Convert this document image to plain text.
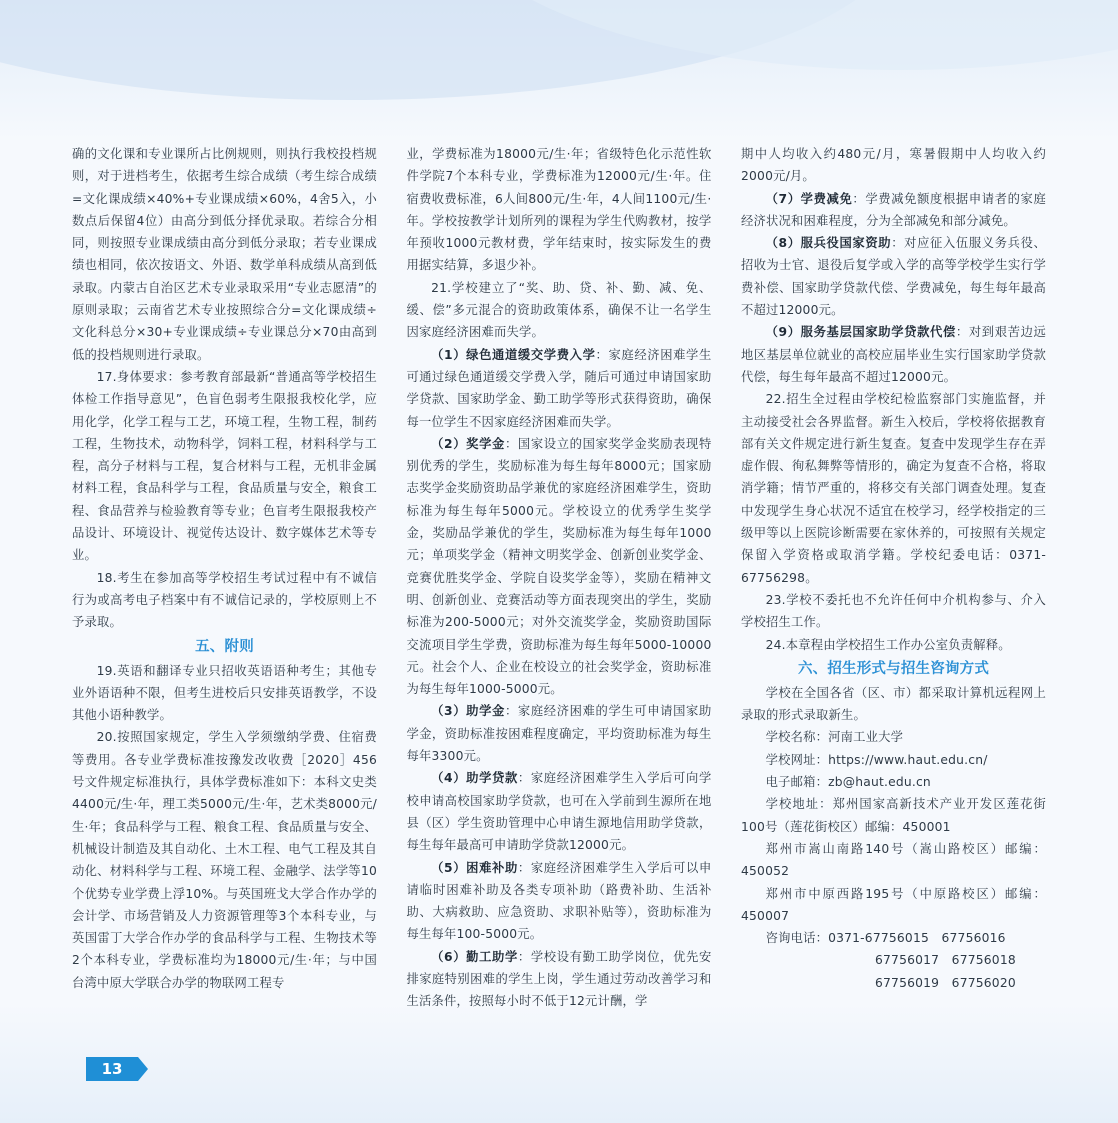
确的文化课和专业课所占比例规则，则执行我校投档规则，对于进档考生，依据考生综合成绩（考生综合成绩=文化课成绩×40%+专业课成绩×60%，4舍5入，小数点后保留4位）由高分到低分择优录取。若综合分相同，则按照专业课成绩由高分到低分录取；若专业课成绩也相同，依次按语文、外语、数学单科成绩从高到低录取。内蒙古自治区艺术专业录取采用“专业志愿清”的原则录取；云南省艺术专业按照综合分=文化课成绩÷文化科总分×30+专业课成绩÷专业课总分×70由高到低的投档规则进行录取。

17.身体要求：参考教育部最新“普通高等学校招生体检工作指导意见”，色盲色弱考生限报我校化学，应用化学，化学工程与工艺，环境工程，生物工程，制药工程，生物技术，动物科学，饲料工程，材料科学与工程，高分子材料与工程，复合材料与工程，无机非金属材料工程，食品科学与工程，食品质量与安全，粮食工程、食品营养与检验教育等专业；色盲考生限报我校产品设计、环境设计、视觉传达设计、数字媒体艺术等专业。

18.考生在参加高等学校招生考试过程中有不诚信行为或高考电子档案中有不诚信记录的，学校原则上不予录取。

五、附则

19.英语和翻译专业只招收英语语种考生；其他专业外语语种不限，但考生进校后只安排英语教学，不设其他小语种教学。

20.按照国家规定，学生入学须缴纳学费、住宿费等费用。各专业学费标准按豫发改收费［2020］456号文件规定标准执行，具体学费标准如下：本科文史类4400元/生·年，理工类5000元/生·年，艺术类8000元/生·年；食品科学与工程、粮食工程、食品质量与安全、机械设计制造及其自动化、土木工程、电气工程及其自动化、材料科学与工程、环境工程、金融学、法学等10个优势专业学费上浮10%。与英国班戈大学合作办学的会计学、市场营销及人力资源管理等3个本科专业，与英国雷丁大学合作办学的食品科学与工程、生物技术等2个本科专业，学费标准均为18000元/生·年；与中国台湾中原大学联合办学的物联网工程专

业，学费标准为18000元/生·年；省级特色化示范性软件学院7个本科专业，学费标准为12000元/生·年。住宿费收费标准，6人间800元/生·年，4人间1100元/生·年。学校按教学计划所列的课程为学生代购教材，按学年预收1000元教材费，学年结束时，按实际发生的费用据实结算，多退少补。

21.学校建立了“奖、助、贷、补、勤、减、免、缓、偿”多元混合的资助政策体系，确保不让一名学生因家庭经济困难而失学。

（1）绿色通道缓交学费入学：家庭经济困难学生可通过绿色通道缓交学费入学，随后可通过申请国家助学贷款、国家助学金、勤工助学等形式获得资助，确保每一位学生不因家庭经济困难而失学。

（2）奖学金：国家设立的国家奖学金奖励表现特别优秀的学生，奖励标准为每生每年8000元；国家励志奖学金奖励资助品学兼优的家庭经济困难学生，资助标准为每生每年5000元。学校设立的优秀学生奖学金，奖励品学兼优的学生，奖励标准为每生每年1000元；单项奖学金（精神文明奖学金、创新创业奖学金、竞赛优胜奖学金、学院自设奖学金等），奖励在精神文明、创新创业、竞赛活动等方面表现突出的学生，奖励标准为200-5000元；对外交流奖学金，奖励资助国际交流项目学生学费，资助标准为每生每年5000-10000元。社会个人、企业在校设立的社会奖学金，资助标准为每生每年1000-5000元。

（3）助学金：家庭经济困难的学生可申请国家助学金，资助标准按困难程度确定，平均资助标准为每生每年3300元。

（4）助学贷款：家庭经济困难学生入学后可向学校申请高校国家助学贷款，也可在入学前到生源所在地县（区）学生资助管理中心申请生源地信用助学贷款，每生每年最高可申请助学贷款12000元。

（5）困难补助：家庭经济困难学生入学后可以申请临时困难补助及各类专项补助（路费补助、生活补助、大病救助、应急资助、求职补贴等），资助标准为每生每年100-5000元。

（6）勤工助学：学校设有勤工助学岗位，优先安排家庭特别困难的学生上岗，学生通过劳动改善学习和生活条件，按照每小时不低于12元计酬，学

期中人均收入约480元/月，寒暑假期中人均收入约2000元/月。

（7）学费减免：学费减免额度根据申请者的家庭经济状况和困难程度，分为全部减免和部分减免。

（8）服兵役国家资助：对应征入伍服义务兵役、招收为士官、退役后复学或入学的高等学校学生实行学费补偿、国家助学贷款代偿、学费减免，每生每年最高不超过12000元。

（9）服务基层国家助学贷款代偿：对到艰苦边远地区基层单位就业的高校应届毕业生实行国家助学贷款代偿，每生每年最高不超过12000元。

22.招生全过程由学校纪检监察部门实施监督，并主动接受社会各界监督。新生入校后，学校将依据教育部有关文件规定进行新生复查。复查中发现学生存在弄虚作假、徇私舞弊等情形的，确定为复查不合格，将取消学籍；情节严重的，将移交有关部门调查处理。复查中发现学生身心状况不适宜在校学习，经学校指定的三级甲等以上医院诊断需要在家休养的，可按照有关规定保留入学资格或取消学籍。学校纪委电话：0371-67756298。

23.学校不委托也不允许任何中介机构参与、介入学校招生工作。

24.本章程由学校招生工作办公室负责解释。

六、招生形式与招生咨询方式

学校在全国各省（区、市）都采取计算机远程网上录取的形式录取新生。

学校名称：河南工业大学

学校网址：https://www.haut.edu.cn/

电子邮箱：zb@haut.edu.cn

学校地址：郑州国家高新技术产业开发区莲花街100号（莲花街校区）邮编：450001

郑州市嵩山南路140号（嵩山路校区）邮编：450052

郑州市中原西路195号（中原路校区）邮编：450007

咨询电话：0371-67756015　67756016

67756017　67756018

67756019　67756020

13
